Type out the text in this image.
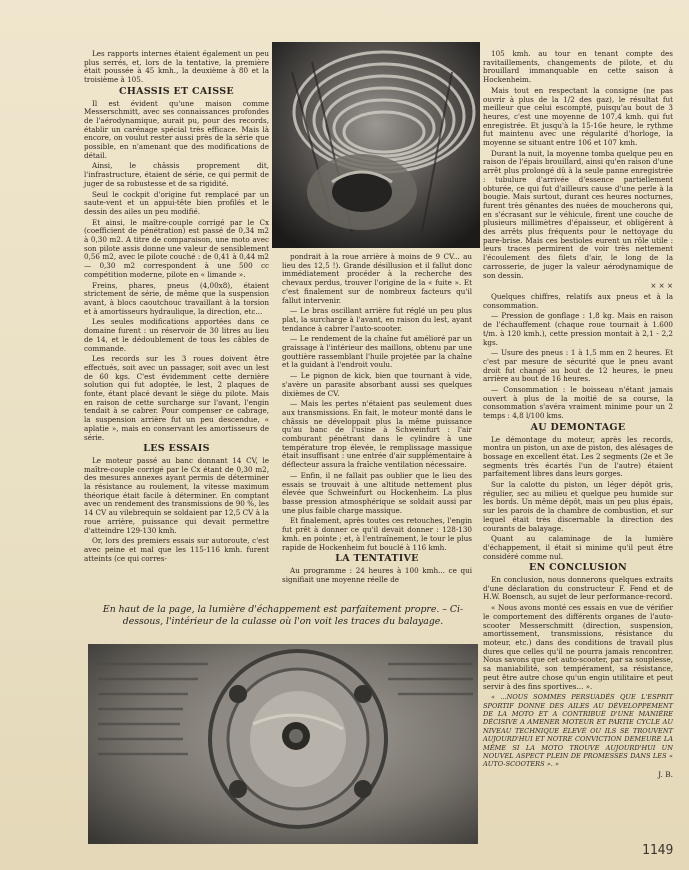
Les rapports internes étaient également un peu plus serrés, et, lors de la tentative, la première était poussée à 45 kmh., la deuxième à 80 et la troisième à 105.

CHASSIS ET CAISSE

Il est évident qu'une maison comme Messerschmitt, avec ses connaissances profondes de l'aérodynamique, aurait pu, pour des records, établir un carénage spécial très efficace. Mais là encore, on voulut rester aussi près de la série que possible, en n'amenant que des modifications de détail.

Ainsi, le châssis proprement dit, l'infrastructure, étaient de série, ce qui permit de juger de sa robustesse et de sa rigidité.

Seul le cockpit d'origine fut remplacé par un saute-vent et un appui-tête bien profilés et le dessin des ailes un peu modifié.

Et ainsi, le maître-couple corrigé par le Cx (coefficient de pénétration) est passé de 0,34 m2 à 0,30 m2. A titre de comparaison, une moto avec son pilote assis donne une valeur de sensiblement 0,56 m2, avec le pilote couché : de 0,41 à 0,44 m2 — 0,30 m2 correspondent à une 500 cc compétition moderne, pilote en « limande ».

Freins, phares, pneus (4,00x8), étaient strictement de série, de même que la suspension avant, à blocs caoutchouc travaillant à la torsion et à amortisseurs hydraulique, la direction, etc...

Les seules modifications apportées dans ce domaine furent : un réservoir de 30 litres au lieu de 14, et le dédoublement de tous les câbles de commande.

Les records sur les 3 roues doivent être effectués, soit avec un passager, soit avec un lest de 60 kgs. C'est évidemment cette dernière solution qui fut adoptée, le lest, 2 plaques de fonte, étant placé devant le siège du pilote. Mais en raison de cette surcharge sur l'avant, l'engin tendait à se cabrer. Pour compenser ce cabrage, la suspension arrière fut un peu descendue, « aplatie », mais en conservant les amortisseurs de série.

LES ESSAIS

Le moteur passé au banc donnant 14 CV, le maître-couple corrigé par le Cx étant de 0,30 m2, des mesures annexes ayant permis de déterminer la résistance au roulement, la vitesse maximum théorique était facile à déterminer. En comptant avec un rendement des transmissions de 90 %, les 14 CV au vilebrequin se soldaient par 12,5 CV à la roue arrière, puissance qui devait permettre d'atteindre 129-130 kmh.

Or, lors des premiers essais sur autoroute, c'est avec peine et mal que les 115-116 kmh. furent atteints (ce qui corres-

pondrait à la roue arrière à moins de 9 CV... au lieu des 12,5 !). Grande désillusion et il fallut donc immédiatement procéder à la recherche des chevaux perdus, trouver l'origine de la « fuite ». Et c'est finalement sur de nombreux facteurs qu'il fallut intervenir.

— Le bras oscillant arrière fut réglé un peu plus plat, la surcharge à l'avant, en raison du lest, ayant tendance à cabrer l'auto-scooter.

— Le rendement de la chaîne fut amélioré par un graissage à l'intérieur des maillons, obtenu par une gouttière rassemblant l'huile projetée par la chaîne et la guidant à l'endroit voulu.

— Le pignon de kick, bien que tournant à vide, s'avère un parasite absorbant aussi ses quelques dixièmes de CV.

— Mais les pertes n'étaient pas seulement dues aux transmissions. En fait, le moteur monté dans le châssis ne développait plus la même puissance qu'au banc de l'usine à Schweinfurt : l'air comburant pénétrant dans le cylindre à une température trop élevée, le remplissage massique était insuffisant : une entrée d'air supplémentaire à déflecteur assura la fraîche ventilation nécessaire.

— Enfin, il ne fallait pas oublier que le lieu des essais se trouvait à une altitude nettement plus élevée que Schweinfurt ou Hockenheim. La plus basse pression atmosphérique se soldait aussi par une plus faible charge massique.

Et finalement, après toutes ces retouches, l'engin fut prêt à donner ce qu'il devait donner : 128-130 kmh. en pointe ; et, à l'entraînement, le tour le plus rapide de Hockenheim fut bouclé à 116 kmh.

LA TENTATIVE

Au programme : 24 heures à 100 kmh... ce qui signifiait une moyenne réelle de

105 kmh. au tour en tenant compte des ravitaillements, changements de pilote, et du brouillard immanquable en cette saison à Hockenheim.

Mais tout en respectant la consigne (ne pas ouvrir à plus de la 1/2 des gaz), le résultat fut meilleur que celui escompté, puisqu'au bout de 3 heures, c'est une moyenne de 107,4 kmh. qui fut enregistrée. Et jusqu'à la 15-16e heure, le rythme fut maintenu avec une régularité d'horloge, la moyenne se situant entre 106 et 107 kmh.

Durant la nuit, la moyenne tomba quelque peu en raison de l'épais brouillard, ainsi qu'en raison d'une arrêt plus prolongé dû à la seule panne enregistrée : tubulure d'arrivée d'essence partiellement obturée, ce qui fut d'ailleurs cause d'une perle à la bougie. Mais surtout, durant ces heures nocturnes, furent très gênantes des nuées de moucherons qui, en s'écrasant sur le véhicule, firent une couche de plusieurs millimètres d'épaisseur, et obligèrent à des arrêts plus fréquents pour le nettoyage du pare-brise. Mais ces bestioles eurent un rôle utile : leurs traces permirent de voir très nettement l'écoulement des filets d'air, le long de la carrosserie, de juger la valeur aérodynamique de son dessin.

× × ×

Quelques chiffres, relatifs aux pneus et à la consommation.

— Pression de gonflage : 1,8 kg. Mais en raison de l'échauffement (chaque roue tournait à 1.600 t/m. à 120 kmh.), cette pression montait à 2,1 - 2,2 kgs.

— Usure des pneus : 1 à 1,5 mm en 2 heures. Et c'est par mesure de sécurité que le pneu avant droit fut changé au bout de 12 heures, le pneu arrière au bout de 16 heures.

— Consommation : le boisseau n'étant jamais ouvert à plus de la moitié de sa course, la consommation s'avéra vraiment minime pour un 2 temps : 4,8 l/100 kms.

AU DEMONTAGE

Le démontage du moteur, après les records, montra un piston, un axe de piston, des alésages de bossage en excellent état. Les 2 segments (2e et 3e segments très écartés l'un de l'autre) étaient parfaitement libres dans leurs gorges.

Sur la calotte du piston, un léger dépôt gris, régulier, sec au milieu et quelque peu humide sur les bords. Un même dépôt, mais un peu plus épais, sur les parois de la chambre de combustion, et sur lequel était très discernable la direction des courants de balayage.

Quant au calaminage de la lumière d'échappement, il était si minime qu'il peut être considéré comme nul.

EN CONCLUSION

En conclusion, nous donnerons quelques extraits d'une déclaration du constructeur F. Fend et de H.W. Boensch, au sujet de leur performance-record.

« Nous avons monté ces essais en vue de vérifier le comportement des différents organes de l'auto-scooter Messerschmitt (direction, suspension, amortissement, transmissions, résistance du moteur, etc.) dans des conditions de travail plus dures que celles qu'il ne pourra jamais rencontrer. Nous savons que cet auto-scooter, par sa souplesse, sa maniabilité, son tempérament, sa résistance, peut être autre chose qu'un engin utilitaire et peut servir à des fins sportives... ».

« ...NOUS SOMMES PERSUADÉS QUE L'ESPRIT SPORTIF DONNE DES AILES AU DÉVELOPPEMENT DE LA MOTO ET A CONTRIBUÉ D'UNE MANIÈRE DÉCISIVE A AMENER MOTEUR ET PARTIE CYCLE AU NIVEAU TECHNIQUE ÉLEVÉ OU ILS SE TROUVENT AUJOURD'HUI ET NOTRE CONVICTION DEMEURE LA MÊME SI LA MOTO TROUVE AUJOURD'HUI UN NOUVEL ASPECT PLEIN DE PROMESSES DANS LES « AUTO-SCOOTERS ». »

J. B.
En haut de la page, la lumière d'échappement est parfaitement propre. – Ci-dessous, l'intérieur de la culasse où l'on voit les traces du balayage.
1149
